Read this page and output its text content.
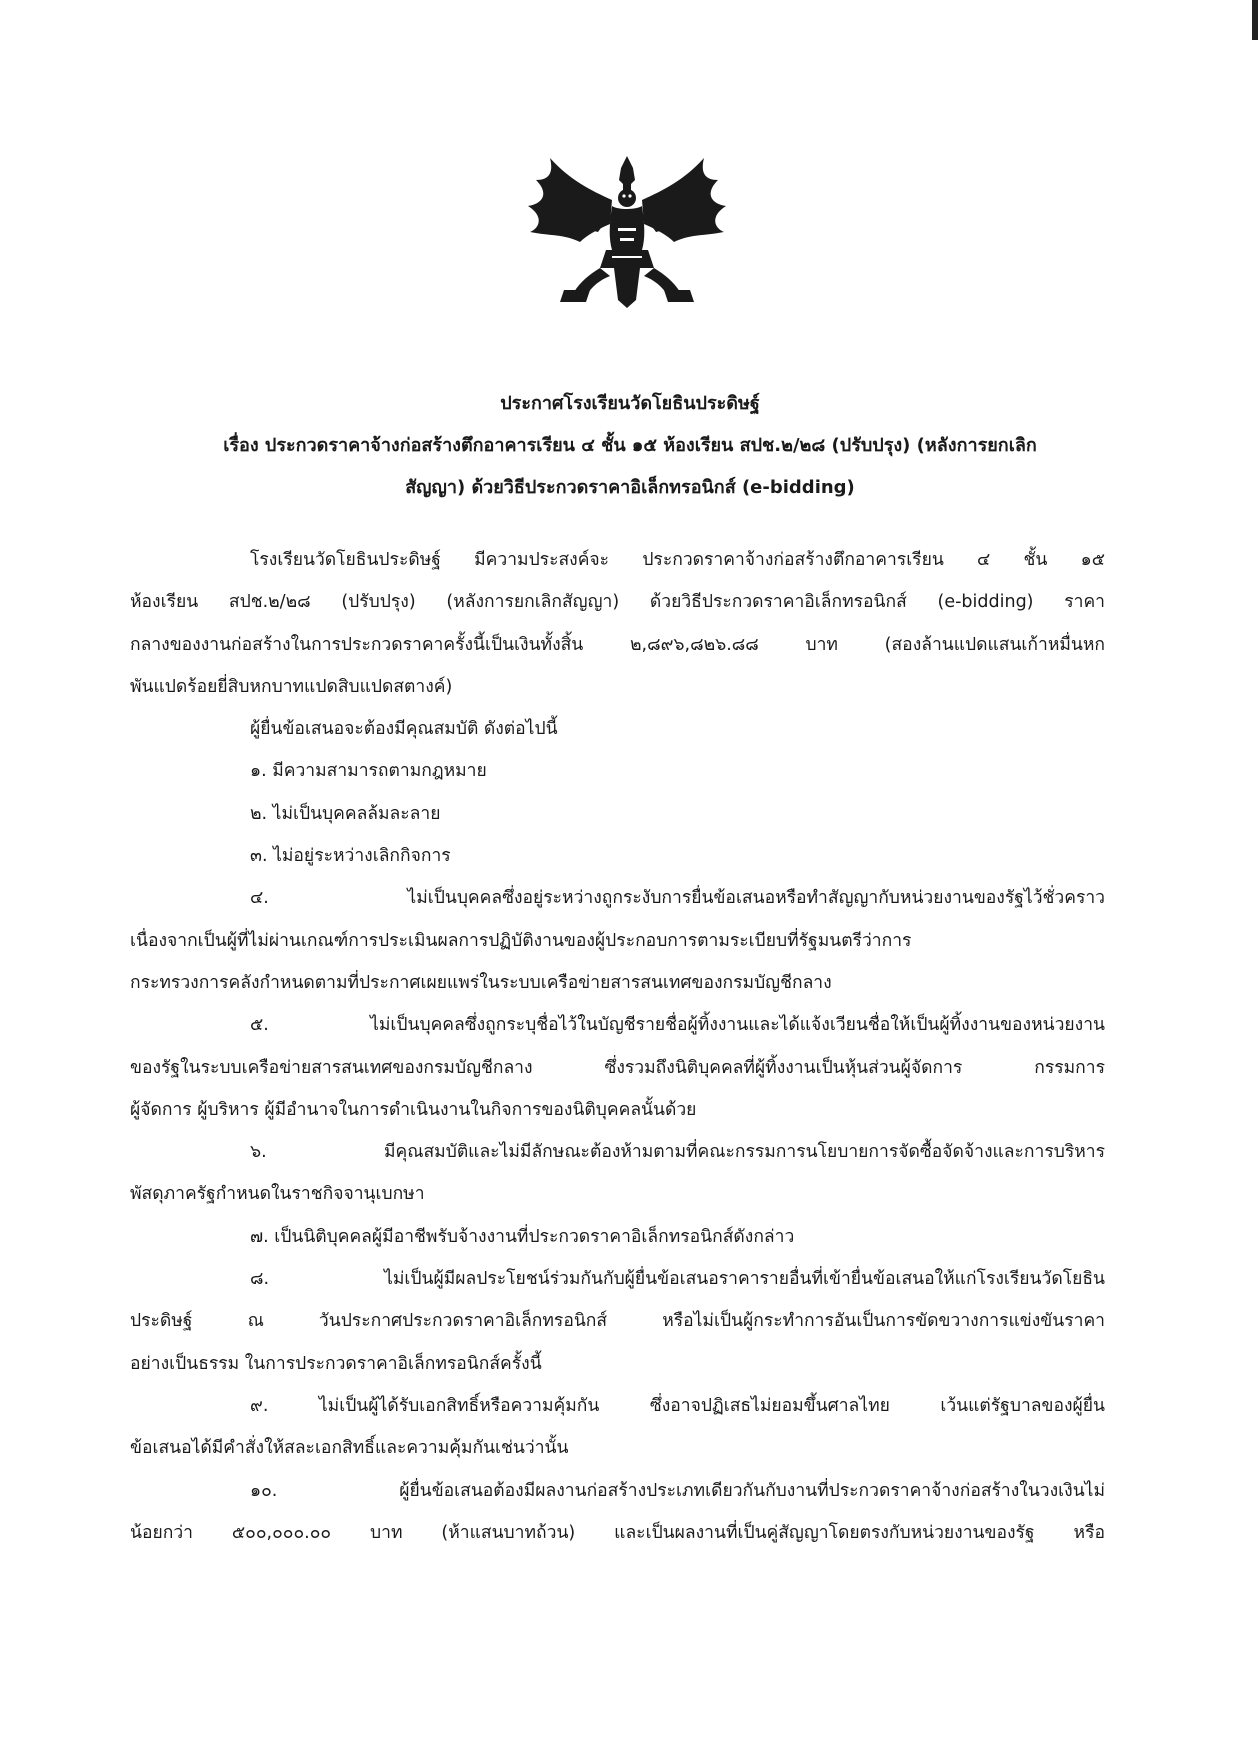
ประกาศโรงเรียนวัดโยธินประดิษฐ์
เรื่อง ประกวดราคาจ้างก่อสร้างตึกอาคารเรียน ๔ ชั้น ๑๕ ห้องเรียน สปช.๒/๒๘ (ปรับปรุง) (หลังการยกเลิก
สัญญา) ด้วยวิธีประกวดราคาอิเล็กทรอนิกส์ (e-bidding)
โรงเรียนวัดโยธินประดิษฐ์ มีความประสงค์จะ ประกวดราคาจ้างก่อสร้างตึกอาคารเรียน ๔ ชั้น ๑๕
ห้องเรียน สปช.๒/๒๘ (ปรับปรุง) (หลังการยกเลิกสัญญา) ด้วยวิธีประกวดราคาอิเล็กทรอนิกส์ (e-bidding) ราคา
กลางของงานก่อสร้างในการประกวดราคาครั้งนี้เป็นเงินทั้งสิ้น ๒,๘๙๖,๘๒๖.๘๘ บาท (สองล้านแปดแสนเก้าหมื่นหก
พันแปดร้อยยี่สิบหกบาทแปดสิบแปดสตางค์)
ผู้ยื่นข้อเสนอจะต้องมีคุณสมบัติ ดังต่อไปนี้
๑. มีความสามารถตามกฎหมาย
๒. ไม่เป็นบุคคลล้มละลาย
๓. ไม่อยู่ระหว่างเลิกกิจการ
๔. ไม่เป็นบุคคลซึ่งอยู่ระหว่างถูกระงับการยื่นข้อเสนอหรือทำสัญญากับหน่วยงานของรัฐไว้ชั่วคราว
เนื่องจากเป็นผู้ที่ไม่ผ่านเกณฑ์การประเมินผลการปฏิบัติงานของผู้ประกอบการตามระเบียบที่รัฐมนตรีว่าการ
กระทรวงการคลังกำหนดตามที่ประกาศเผยแพร่ในระบบเครือข่ายสารสนเทศของกรมบัญชีกลาง
๕. ไม่เป็นบุคคลซึ่งถูกระบุชื่อไว้ในบัญชีรายชื่อผู้ทิ้งงานและได้แจ้งเวียนชื่อให้เป็นผู้ทิ้งงานของหน่วยงาน
ของรัฐในระบบเครือข่ายสารสนเทศของกรมบัญชีกลาง ซึ่งรวมถึงนิติบุคคลที่ผู้ทิ้งงานเป็นหุ้นส่วนผู้จัดการ กรรมการ
ผู้จัดการ ผู้บริหาร ผู้มีอำนาจในการดำเนินงานในกิจการของนิติบุคคลนั้นด้วย
๖. มีคุณสมบัติและไม่มีลักษณะต้องห้ามตามที่คณะกรรมการนโยบายการจัดซื้อจัดจ้างและการบริหาร
พัสดุภาครัฐกำหนดในราชกิจจานุเบกษา
๗. เป็นนิติบุคคลผู้มีอาชีพรับจ้างงานที่ประกวดราคาอิเล็กทรอนิกส์ดังกล่าว
๘. ไม่เป็นผู้มีผลประโยชน์ร่วมกันกับผู้ยื่นข้อเสนอราคารายอื่นที่เข้ายื่นข้อเสนอให้แก่โรงเรียนวัดโยธิน
ประดิษฐ์ ณ วันประกาศประกวดราคาอิเล็กทรอนิกส์ หรือไม่เป็นผู้กระทำการอันเป็นการขัดขวางการแข่งขันราคา
อย่างเป็นธรรม ในการประกวดราคาอิเล็กทรอนิกส์ครั้งนี้
๙. ไม่เป็นผู้ได้รับเอกสิทธิ์หรือความคุ้มกัน ซึ่งอาจปฏิเสธไม่ยอมขึ้นศาลไทย เว้นแต่รัฐบาลของผู้ยื่น
ข้อเสนอได้มีคำสั่งให้สละเอกสิทธิ์และความคุ้มกันเช่นว่านั้น
๑๐. ผู้ยื่นข้อเสนอต้องมีผลงานก่อสร้างประเภทเดียวกันกับงานที่ประกวดราคาจ้างก่อสร้างในวงเงินไม่
น้อยกว่า ๕๐๐,๐๐๐.๐๐ บาท (ห้าแสนบาทถ้วน) และเป็นผลงานที่เป็นคู่สัญญาโดยตรงกับหน่วยงานของรัฐ หรือ
